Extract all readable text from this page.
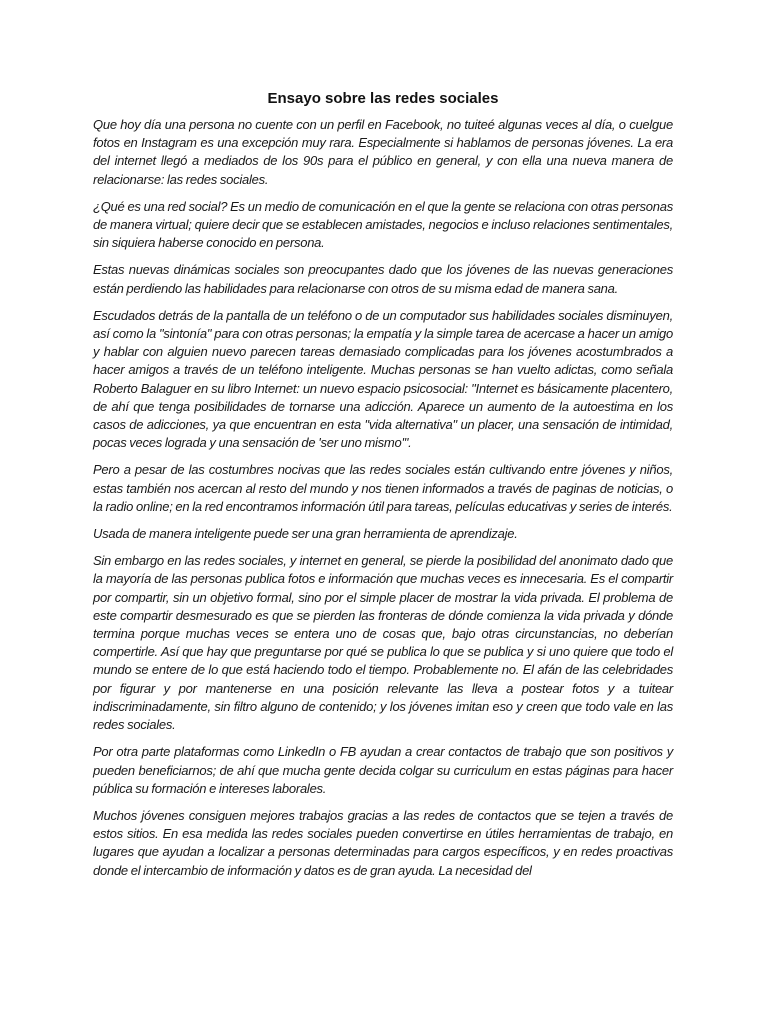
Ensayo sobre las redes sociales

Que hoy día una persona no cuente con un perfil en Facebook, no tuiteé algunas veces al día, o cuelgue fotos en Instagram es una excepción muy rara. Especialmente si hablamos de personas jóvenes. La era del internet llegó a mediados de los 90s para el público en general, y con ella una nueva manera de relacionarse: las redes sociales.

¿Qué es una red social? Es un medio de comunicación en el que la gente se relaciona con otras personas de manera virtual; quiere decir que se establecen amistades, negocios e incluso relaciones sentimentales, sin siquiera haberse conocido en persona.

Estas nuevas dinámicas sociales son preocupantes dado que los jóvenes de las nuevas generaciones están perdiendo las habilidades para relacionarse con otros de su misma edad de manera sana.

Escudados detrás de la pantalla de un teléfono o de un computador sus habilidades sociales disminuyen, así como la "sintonía" para con otras personas; la empatía y la simple tarea de acercase a hacer un amigo y hablar con alguien nuevo parecen tareas demasiado complicadas para los jóvenes acostumbrados a hacer amigos a través de un teléfono inteligente. Muchas personas se han vuelto adictas, como señala Roberto Balaguer en su libro Internet: un nuevo espacio psicosocial: "Internet es básicamente placentero, de ahí que tenga posibilidades de tornarse una adicción. Aparece un aumento de la autoestima en los casos de adicciones, ya que encuentran en esta "vida alternativa" un placer, una sensación de intimidad, pocas veces lograda y una sensación de 'ser uno mismo'".

Pero a pesar de las costumbres nocivas que las redes sociales están cultivando entre jóvenes y niños, estas también nos acercan al resto del mundo y nos tienen informados a través de paginas de noticias, o la radio online; en la red encontramos información útil para tareas, películas educativas y series de interés.

Usada de manera inteligente puede ser una gran herramienta de aprendizaje.

Sin embargo en las redes sociales, y internet en general, se pierde la posibilidad del anonimato dado que la mayoría de las personas publica fotos e información que muchas veces es innecesaria. Es el compartir por compartir, sin un objetivo formal, sino por el simple placer de mostrar la vida privada. El problema de este compartir desmesurado es que se pierden las fronteras de dónde comienza la vida privada y dónde termina porque muchas veces se entera uno de cosas que, bajo otras circunstancias, no deberían compertirle. Así que hay que preguntarse por qué se publica lo que se publica y si uno quiere que todo el mundo se entere de lo que está haciendo todo el tiempo. Probablemente no. El afán de las celebridades por figurar y por mantenerse en una posición relevante las lleva a postear fotos y a tuitear indiscriminadamente, sin filtro alguno de contenido; y los jóvenes imitan eso y creen que todo vale en las redes sociales.

Por otra parte plataformas como LinkedIn o FB ayudan a crear contactos de trabajo que son positivos y pueden beneficiarnos; de ahí que mucha gente decida colgar su curriculum en estas páginas para hacer pública su formación e intereses laborales.

Muchos jóvenes consiguen mejores trabajos gracias a las redes de contactos que se tejen a través de estos sitios. En esa medida las redes sociales pueden convertirse en útiles herramientas de trabajo, en lugares que ayudan a localizar a personas determinadas para cargos específicos, y en redes proactivas donde el intercambio de información y datos es de gran ayuda. La necesidad del
